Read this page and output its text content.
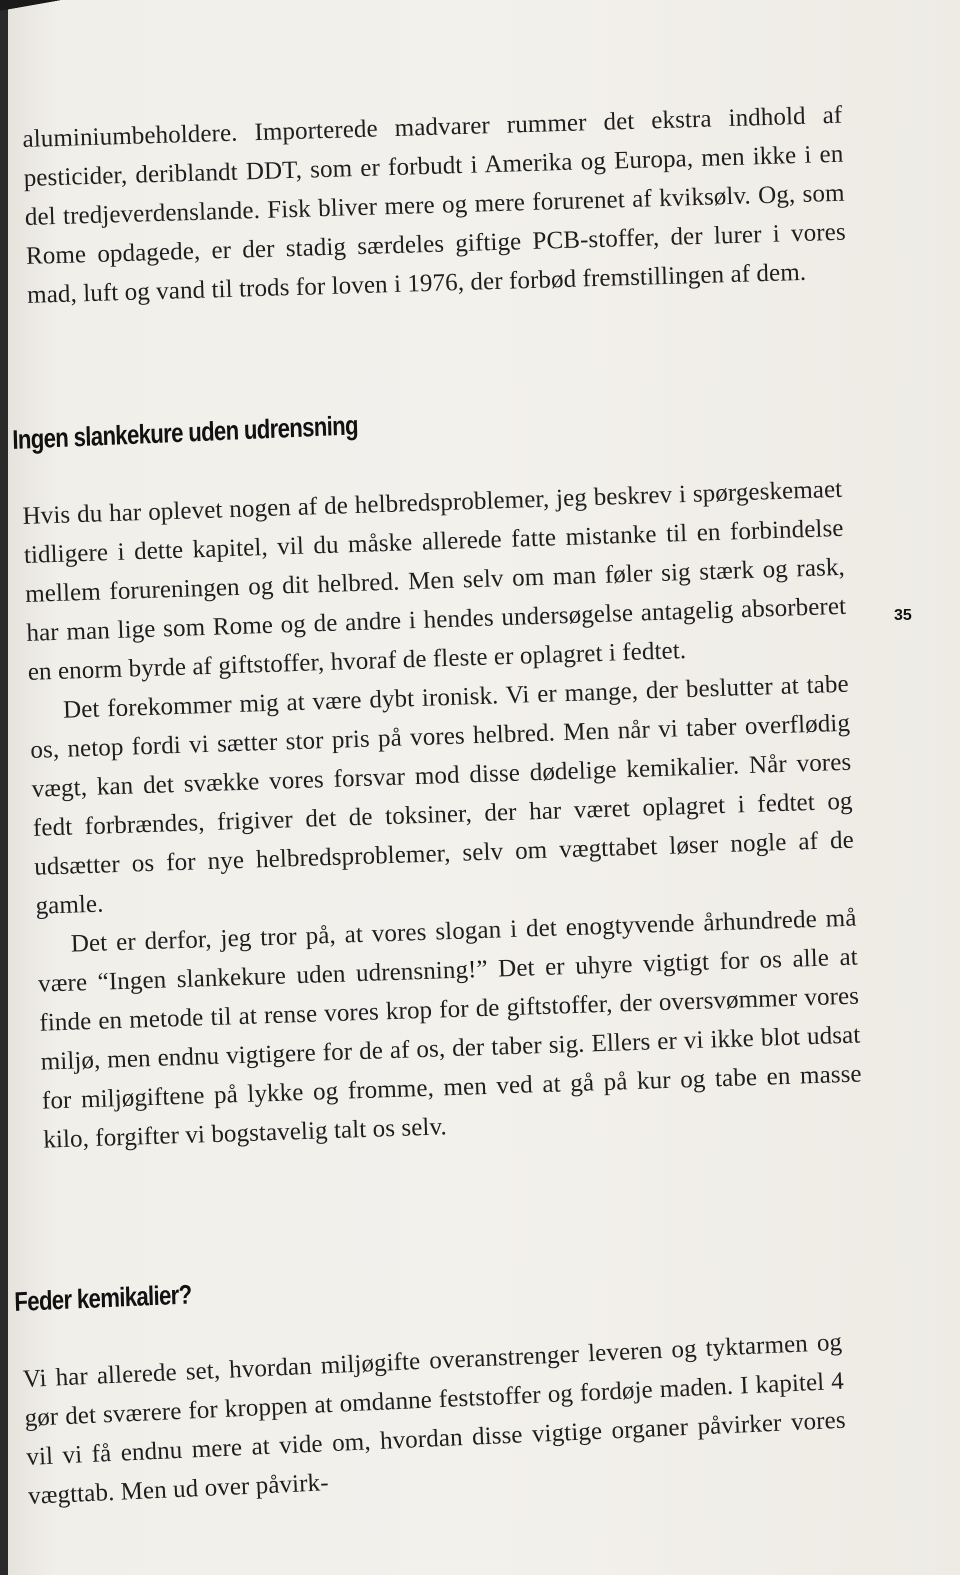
aluminiumbeholdere. Importerede madvarer rummer det ekstra indhold af pesticider, deriblandt DDT, som er forbudt i Amerika og Europa, men ikke i en del tredjeverdenslande. Fisk bliver mere og mere forurenet af kviksølv. Og, som Rome opdagede, er der stadig særdeles giftige PCB-stoffer, der lurer i vores mad, luft og vand til trods for loven i 1976, der forbød fremstillingen af dem.

Ingen slankekure uden udrensning

Hvis du har oplevet nogen af de helbredsproblemer, jeg beskrev i spørgeskemaet tidligere i dette kapitel, vil du måske allerede fatte mistanke til en forbindelse mellem forureningen og dit helbred. Men selv om man føler sig stærk og rask, har man lige som Rome og de andre i hendes undersøgelse antagelig absorberet en enorm byrde af giftstoffer, hvoraf de fleste er oplagret i fedtet.

Det forekommer mig at være dybt ironisk. Vi er mange, der beslutter at tabe os, netop fordi vi sætter stor pris på vores helbred. Men når vi taber overflødig vægt, kan det svække vores forsvar mod disse dødelige kemikalier. Når vores fedt forbrændes, frigiver det de toksiner, der har været oplagret i fedtet og udsætter os for nye helbredsproblemer, selv om vægttabet løser nogle af de gamle.

Det er derfor, jeg tror på, at vores slogan i det enogtyvende århundrede må være “Ingen slankekure uden udrensning!” Det er uhyre vigtigt for os alle at finde en metode til at rense vores krop for de giftstoffer, der oversvømmer vores miljø, men endnu vigtigere for de af os, der taber sig. Ellers er vi ikke blot udsat for miljøgiftene på lykke og fromme, men ved at gå på kur og tabe en masse kilo, forgifter vi bogstavelig talt os selv.

35
Feder kemikalier?

Vi har allerede set, hvordan miljøgifte overanstrenger leveren og tyktarmen og gør det sværere for kroppen at omdanne feststoffer og fordøje maden. I kapitel 4 vil vi få endnu mere at vide om, hvordan disse vigtige organer påvirker vores vægttab. Men ud over påvirk-
